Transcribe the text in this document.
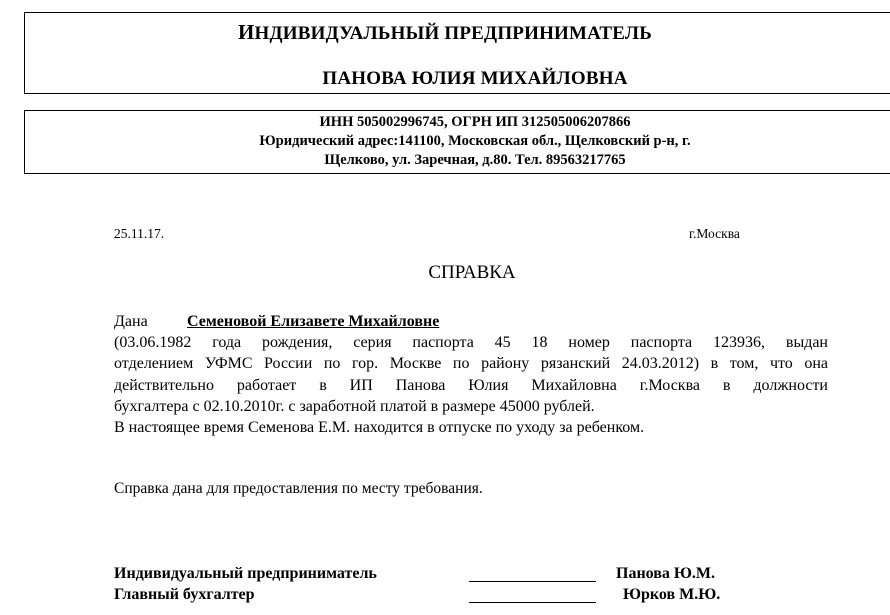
ИНДИВИДУАЛЬНЫЙ ПРЕДПРИНИМАТЕЛЬ
ПАНОВА ЮЛИЯ МИХАЙЛОВНА
ИНН 505002996745, ОГРН ИП 312505006207866
Юридический адрес:141100, Московская обл., Щелковский р-н, г.
Щелково, ул. Заречная, д.80. Тел. 89563217765
25.11.17.	г.Москва
СПРАВКА
Дана Семеновой Елизавете Михайловне
(03.06.1982 года рождения, серия паспорта 45 18 номер паспорта 123936, выдан
отделением УФМС России по гор. Москве по району рязанский 24.03.2012) в том, что она
действительно работает в ИП Панова Юлия Михайловна г.Москва в должности
бухгалтера с 02.10.2010г. с заработной платой в размере 45000 рублей.
В настоящее время Семенова Е.М. находится в отпуске по уходу за ребенком.
Справка дана для предоставления по месту требования.
Индивидуальный предприниматель	Панова Ю.М.
Главный бухгалтер	Юрков М.Ю.
